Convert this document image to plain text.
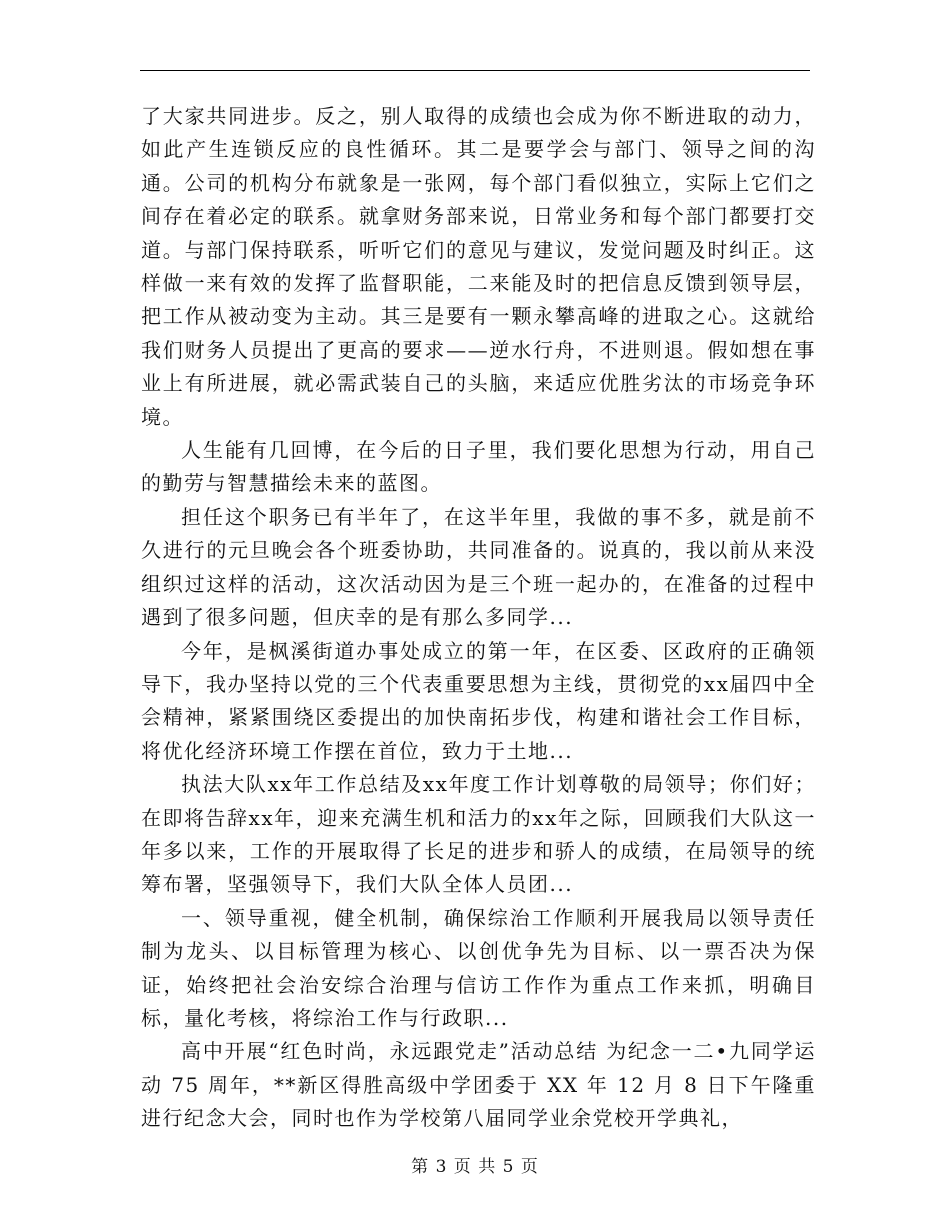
了大家共同进步。反之，别人取得的成绩也会成为你不断进取的动力，如此产生连锁反应的良性循环。其二是要学会与部门、领导之间的沟通。公司的机构分布就象是一张网，每个部门看似独立，实际上它们之间存在着必定的联系。就拿财务部来说，日常业务和每个部门都要打交道。与部门保持联系，听听它们的意见与建议，发觉问题及时纠正。这样做一来有效的发挥了监督职能，二来能及时的把信息反馈到领导层，把工作从被动变为主动。其三是要有一颗永攀高峰的进取之心。这就给我们财务人员提出了更高的要求——逆水行舟，不进则退。假如想在事业上有所进展，就必需武装自己的头脑，来适应优胜劣汰的市场竞争环境。

人生能有几回博，在今后的日子里，我们要化思想为行动，用自己的勤劳与智慧描绘未来的蓝图。

担任这个职务已有半年了，在这半年里，我做的事不多，就是前不久进行的元旦晚会各个班委协助，共同准备的。说真的，我以前从来没组织过这样的活动，这次活动因为是三个班一起办的，在准备的过程中遇到了很多问题，但庆幸的是有那么多同学...

今年，是枫溪街道办事处成立的第一年，在区委、区政府的正确领导下，我办坚持以党的三个代表重要思想为主线，贯彻党的xx届四中全会精神，紧紧围绕区委提出的加快南拓步伐，构建和谐社会工作目标，将优化经济环境工作摆在首位，致力于土地...

执法大队xx年工作总结及xx年度工作计划尊敬的局领导；你们好；在即将告辞xx年，迎来充满生机和活力的xx年之际，回顾我们大队这一年多以来，工作的开展取得了长足的进步和骄人的成绩，在局领导的统筹布署，坚强领导下，我们大队全体人员团...

一、领导重视，健全机制，确保综治工作顺利开展我局以领导责任制为龙头、以目标管理为核心、以创优争先为目标、以一票否决为保证，始终把社会治安综合治理与信访工作作为重点工作来抓，明确目标，量化考核，将综治工作与行政职...

高中开展“红色时尚，永远跟党走”活动总结 为纪念一二•九同学运动 75 周年，**新区得胜高级中学团委于 XX 年 12 月 8 日下午隆重进行纪念大会，同时也作为学校第八届同学业余党校开学典礼，

第 3 页 共 5 页
